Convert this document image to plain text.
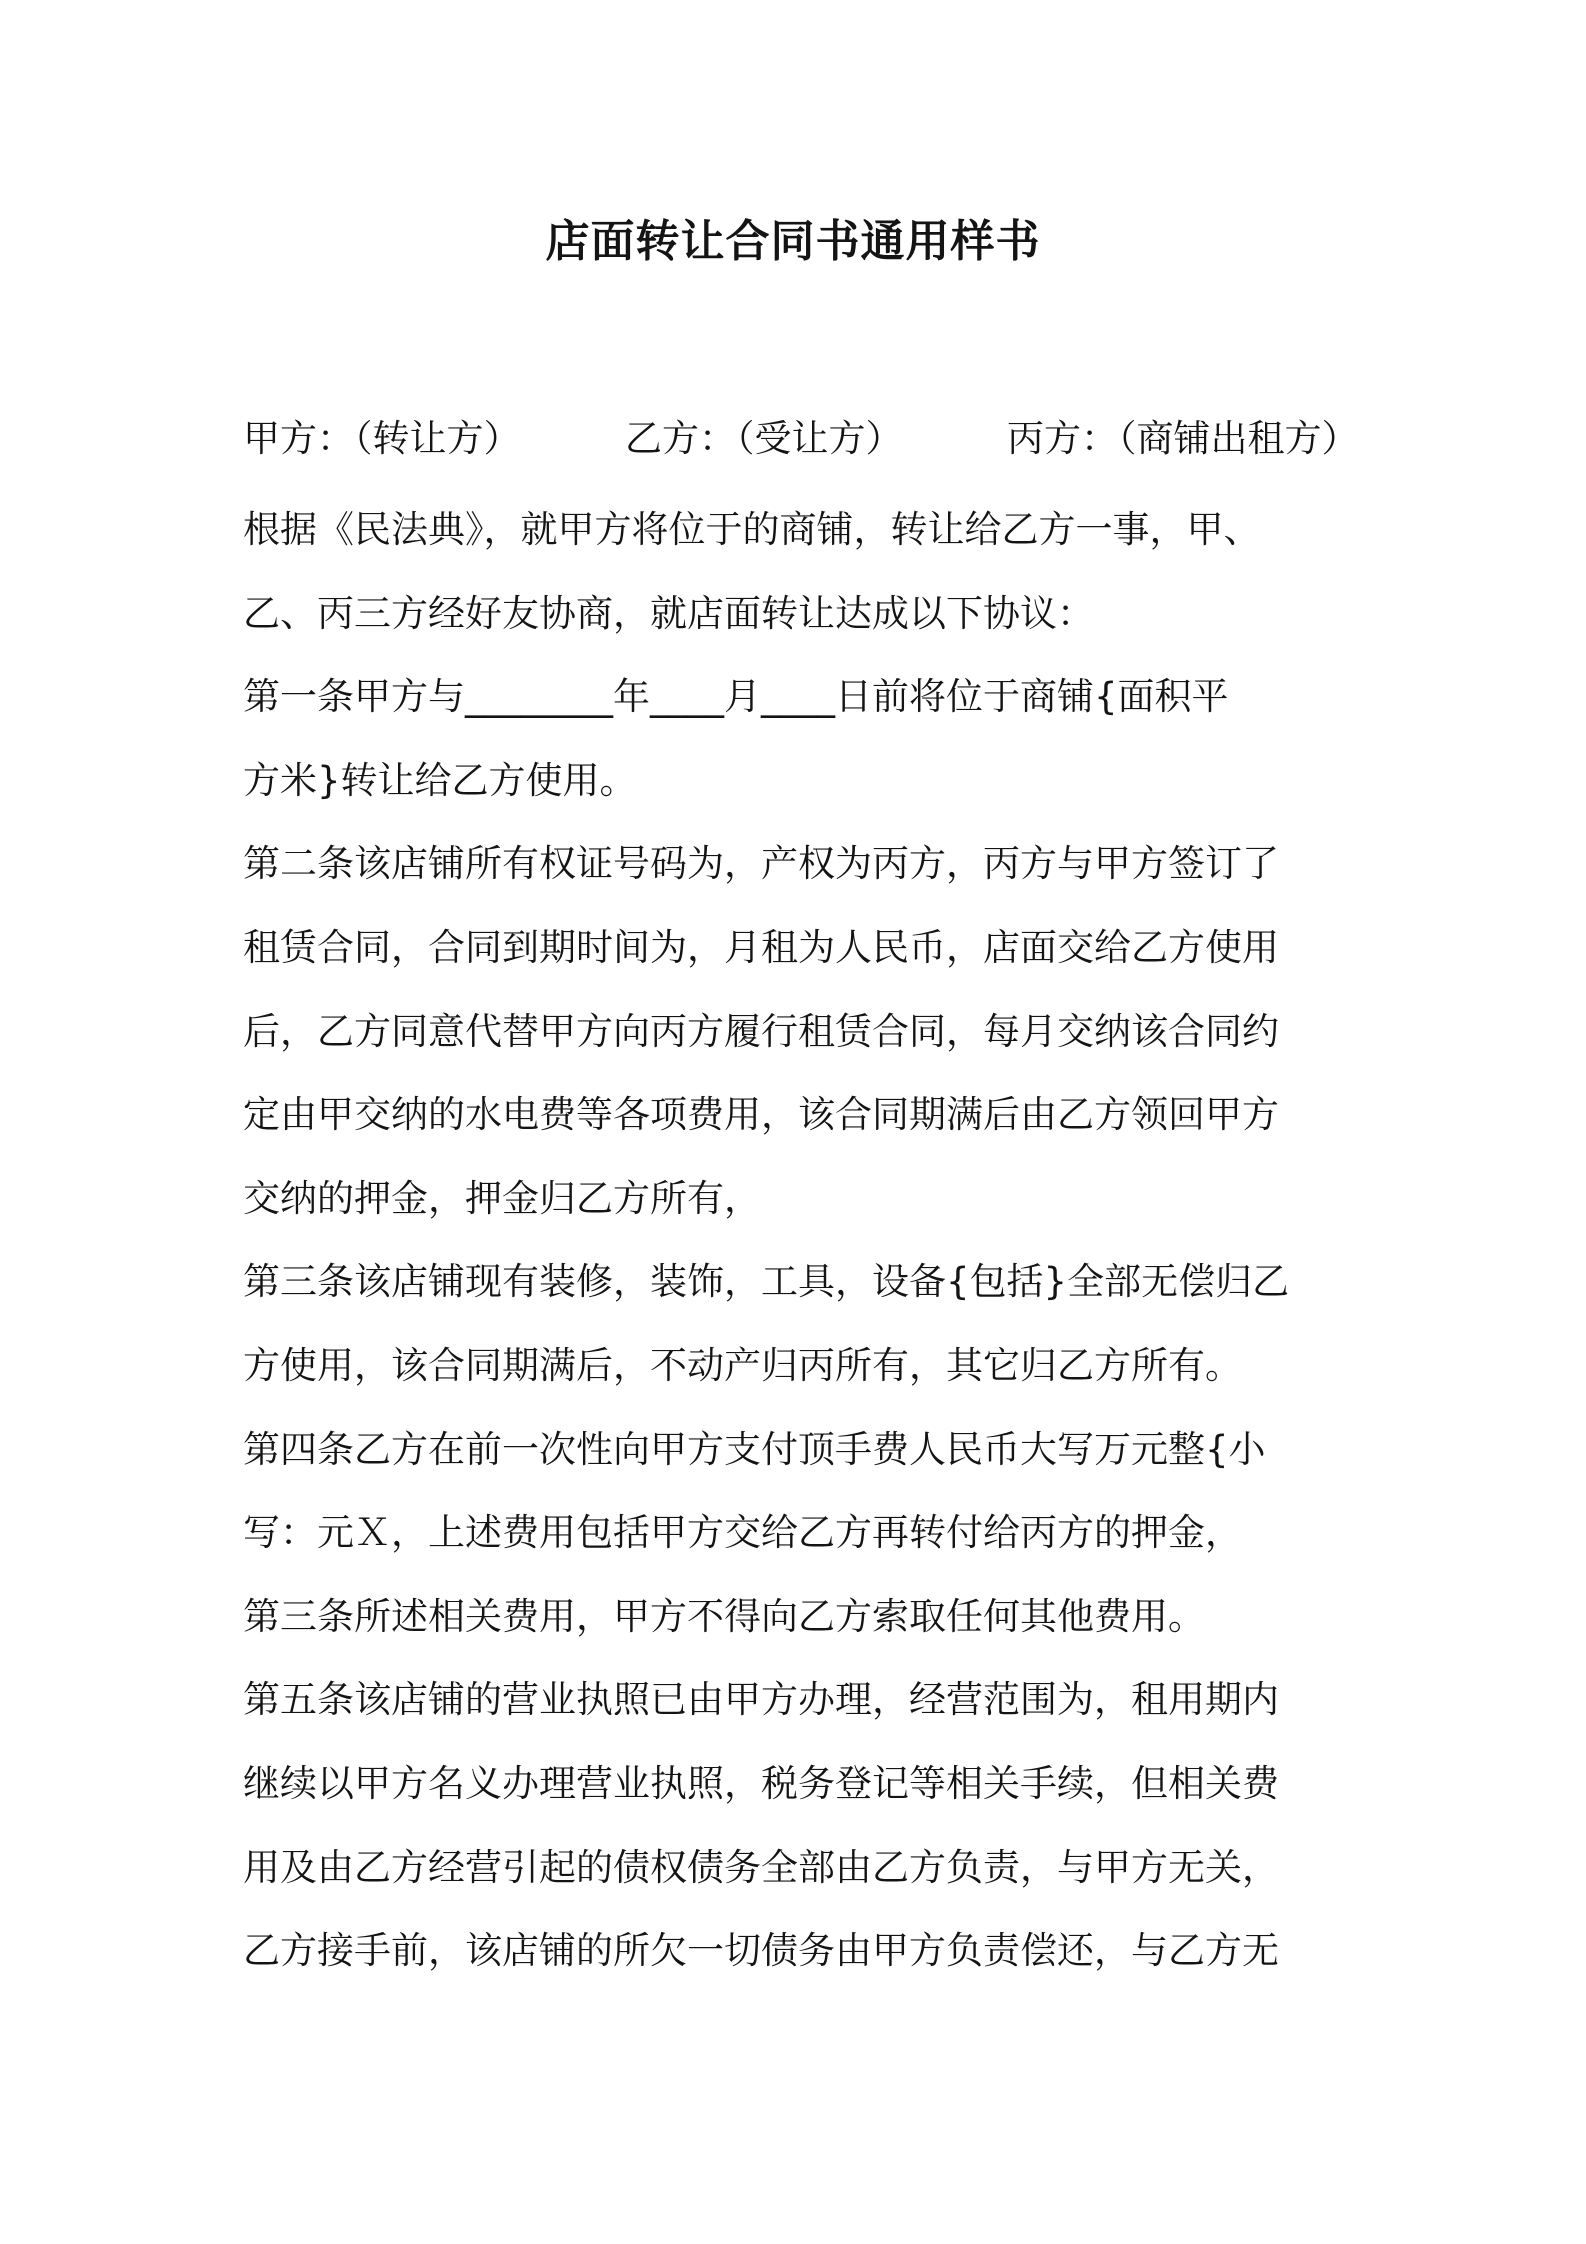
店面转让合同书通用样书
甲方：（转让方）	乙方：（受让方）	丙方：（商铺出租方）
根据《民法典》，就甲方将位于的商铺，转让给乙方一事，甲、
乙、丙三方经好友协商，就店面转让达成以下协议：
第一条甲方与________年____月____日前将位于商铺{面积平
方米}转让给乙方使用。
第二条该店铺所有权证号码为，产权为丙方，丙方与甲方签订了
租赁合同，合同到期时间为，月租为人民币，店面交给乙方使用
后，乙方同意代替甲方向丙方履行租赁合同，每月交纳该合同约
定由甲交纳的水电费等各项费用，该合同期满后由乙方领回甲方
交纳的押金，押金归乙方所有，
第三条该店铺现有装修，装饰，工具，设备{包括}全部无偿归乙
方使用，该合同期满后，不动产归丙所有，其它归乙方所有。
第四条乙方在前一次性向甲方支付顶手费人民币大写万元整{小
写：元Ｘ，上述费用包括甲方交给乙方再转付给丙方的押金，
第三条所述相关费用，甲方不得向乙方索取任何其他费用。
第五条该店铺的营业执照已由甲方办理，经营范围为，租用期内
继续以甲方名义办理营业执照，税务登记等相关手续，但相关费
用及由乙方经营引起的债权债务全部由乙方负责，与甲方无关，
乙方接手前，该店铺的所欠一切债务由甲方负责偿还，与乙方无
